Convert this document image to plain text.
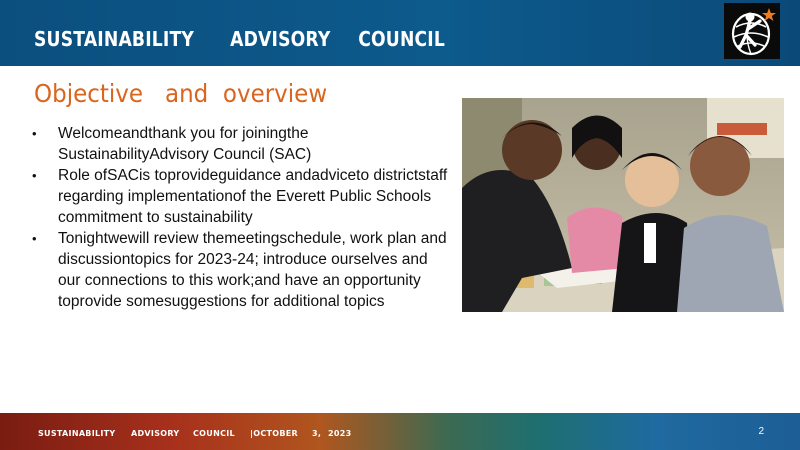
SUSTAINABILITY ADVISORY COUNCIL
Objective   and  overview
• Welcomeandthank you for joiningthe SustainabilityAdvisory Council (SAC)
• Role ofSACis toprovideguidance andadviceto districtstaff regarding implementationof the Everett Public Schools commitment to sustainability
• Tonightwewill review themeetingschedule, work plan and discussiontopics for 2023-24; introduce ourselves and our connections to this work;and have an opportunity toprovide somesuggestions for additional topics
SUSTAINABILITY ADVISORY COUNCIL |OCTOBER 3, 2023	2
